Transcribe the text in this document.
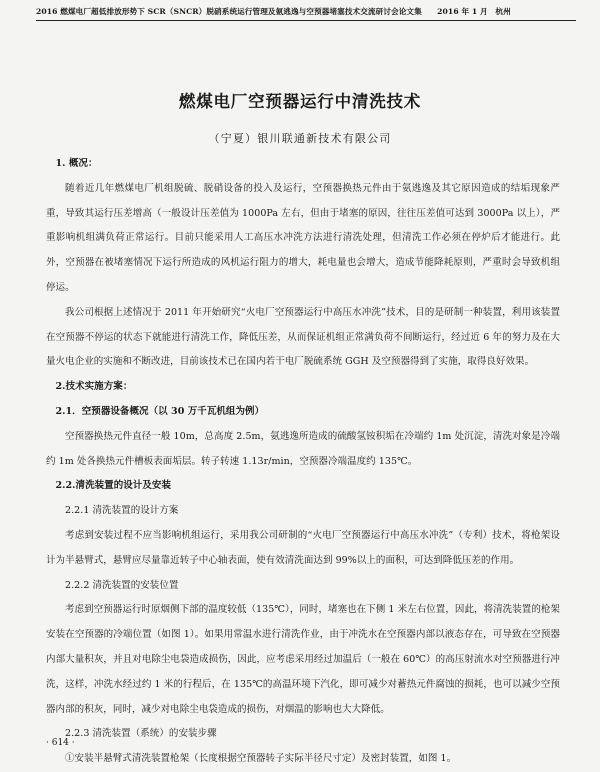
2016 燃煤电厂超低排放形势下 SCR（SNCR）脱硝系统运行管理及氨逃逸与空预器堵塞技术交流研讨会论文集　　2016 年 1 月　杭州
燃煤电厂空预器运行中清洗技术
（宁夏）银川联通新技术有限公司

1. 概况：

随着近几年燃煤电厂机组脱硫、脱硝设备的投入及运行，空预器换热元件由于氨逃逸及其它原因造成的结垢现象严重，导致其运行压差增高（一般设计压差值为 1000Pa 左右，但由于堵塞的原因，往往压差值可达到 3000Pa 以上），严重影响机组满负荷正常运行。目前只能采用人工高压水冲洗方法进行清洗处理，但清洗工作必须在停炉后才能进行。此外，空预器在被堵塞情况下运行所造成的风机运行阻力的增大，耗电量也会增大，造成节能降耗原则，严重时会导致机组停运。

我公司根据上述情况于 2011 年开始研究“火电厂空预器运行中高压水冲洗”技术，目的是研制一种装置，利用该装置在空预器不停运的状态下就能进行清洗工作，降低压差，从而保证机组正常满负荷不间断运行，经过近 6 年的努力及在大量火电企业的实施和不断改进，目前该技术已在国内若干电厂脱硫系统 GGH 及空预器得到了实施，取得良好效果。

2.技术实施方案：

2.1．空预器设备概况（以 30 万千瓦机组为例）

空预器换热元件直径一般 10m，总高度 2.5m，氨逃逸所造成的硫酸氢铵积垢在冷端约 1m 处沉淀，清洗对象是冷端约 1m 处各换热元件槽板表面垢层。转子转速 1.13r/min，空预器冷端温度约 135℃。

2.2.清洗装置的设计及安装

2.2.1 清洗装置的设计方案

考虑到安装过程不应当影响机组运行，采用我公司研制的“火电厂空预器运行中高压水冲洗”（专利）技术，将枪架设计为半悬臂式，悬臂应尽量靠近转子中心轴表面，使有效清洗面达到 99%以上的面积，可达到降低压差的作用。

2.2.2 清洗装置的安装位置

考虑到空预器运行时原烟侧下部的温度较低（135℃），同时，堵塞也在下侧 1 米左右位置，因此，将清洗装置的枪架安装在空预器的冷端位置（如图 1）。如果用常温水进行清洗作业，由于冲洗水在空预器内部以液态存在，可导致在空预器内部大量积灰，并且对电除尘电袋造成损伤，因此，应考虑采用经过加温后（一般在 60℃）的高压射流水对空预器进行冲洗，这样，冲洗水经过约 1 米的行程后，在 135℃的高温环境下汽化，即可减少对蓄热元件腐蚀的损耗，也可以减少空预器内部的积灰，同时，减少对电除尘电袋造成的损伤，对烟温的影响也大大降低。

2.2.3 清洗装置（系统）的安装步骤

①安装半悬臂式清洗装置枪架（长度根据空预器转子实际半径尺寸定）及密封装置，如图 1。

· 614 ·
